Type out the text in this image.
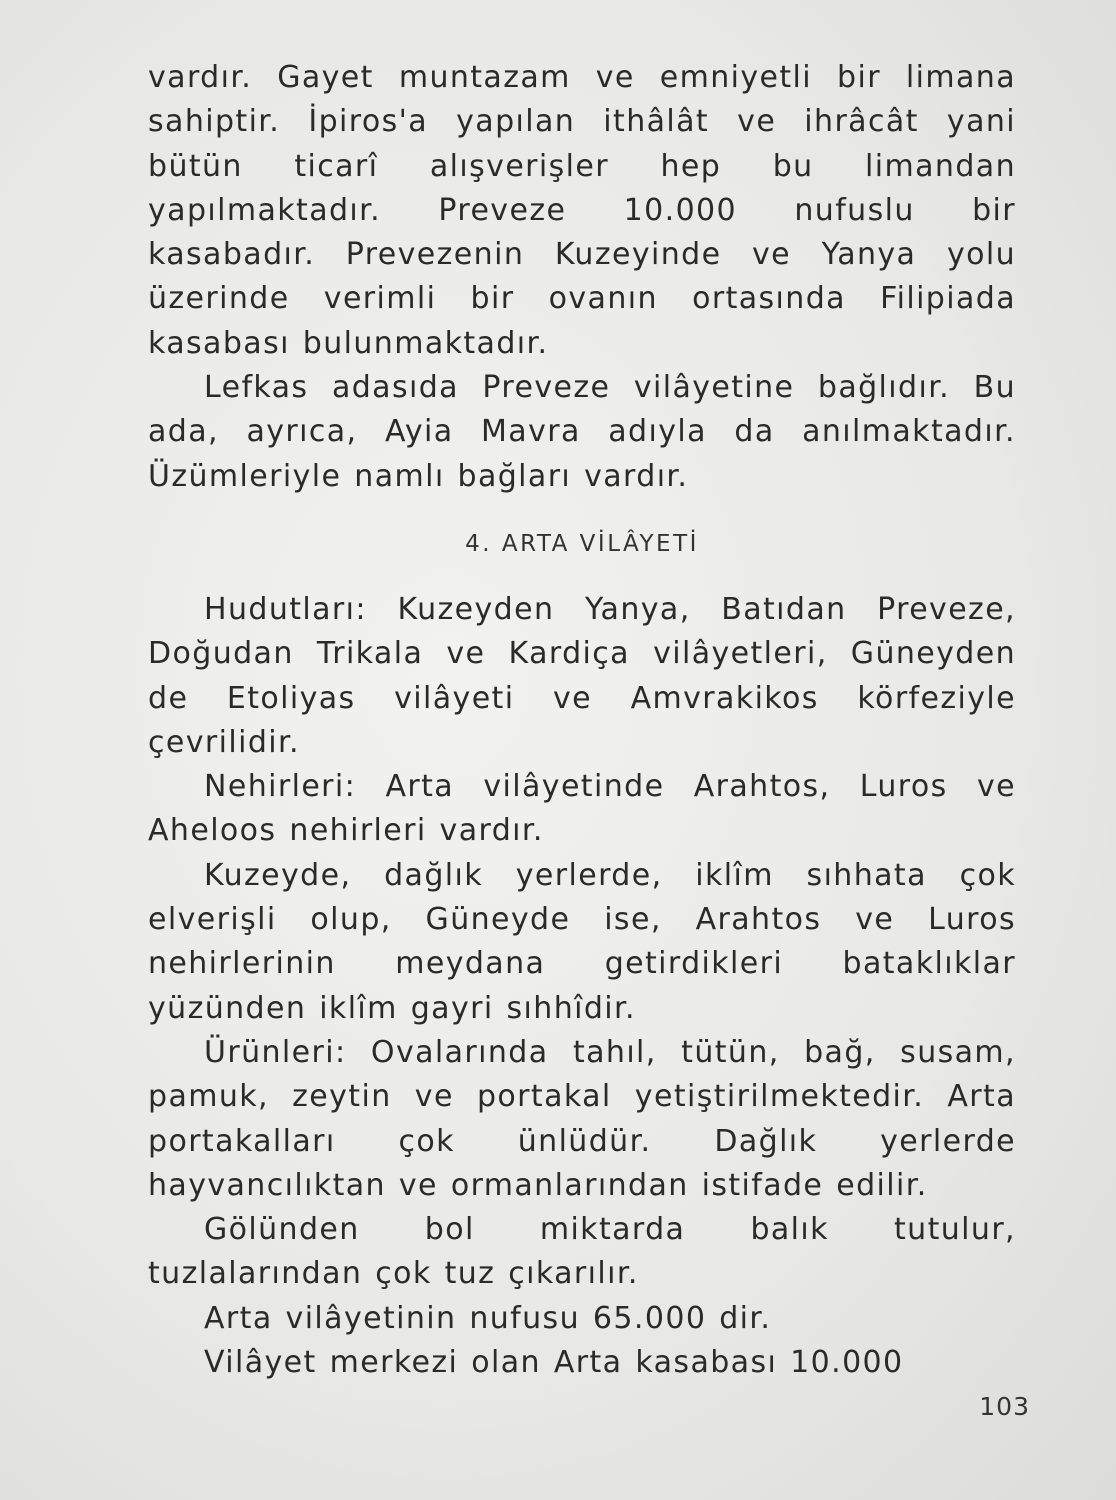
vardır. Gayet muntazam ve emniyetli bir limana sahiptir. İpiros'a yapılan ithâlât ve ihrâcât yani bütün ticarî alışverişler hep bu limandan yapılmaktadır. Preveze 10.000 nufuslu bir kasabadır. Prevezenin Kuzeyinde ve Yanya yolu üzerinde verimli bir ovanın ortasında Filipiada kasabası bulunmaktadır.

Lefkas adasıda Preveze vilâyetine bağlıdır. Bu ada, ayrıca, Ayia Mavra adıyla da anılmaktadır. Üzümleriyle namlı bağları vardır.

4. ARTA VİLÂYETİ

Hudutları: Kuzeyden Yanya, Batıdan Preveze, Doğudan Trikala ve Kardiça vilâyetleri, Güneyden de Etoliyas vilâyeti ve Amvrakikos körfeziyle çevrilidir.

Nehirleri: Arta vilâyetinde Arahtos, Luros ve Aheloos nehirleri vardır.

Kuzeyde, dağlık yerlerde, iklîm sıhhata çok elverişli olup, Güneyde ise, Arahtos ve Luros nehirlerinin meydana getirdikleri bataklıklar yüzünden iklîm gayri sıhhîdir.

Ürünleri: Ovalarında tahıl, tütün, bağ, susam, pamuk, zeytin ve portakal yetiştirilmektedir. Arta portakalları çok ünlüdür. Dağlık yerlerde hayvancılıktan ve ormanlarından istifade edilir.

Gölünden bol miktarda balık tutulur, tuzlalarından çok tuz çıkarılır.

Arta vilâyetinin nufusu 65.000 dir.

Vilâyet merkezi olan Arta kasabası 10.000

103
